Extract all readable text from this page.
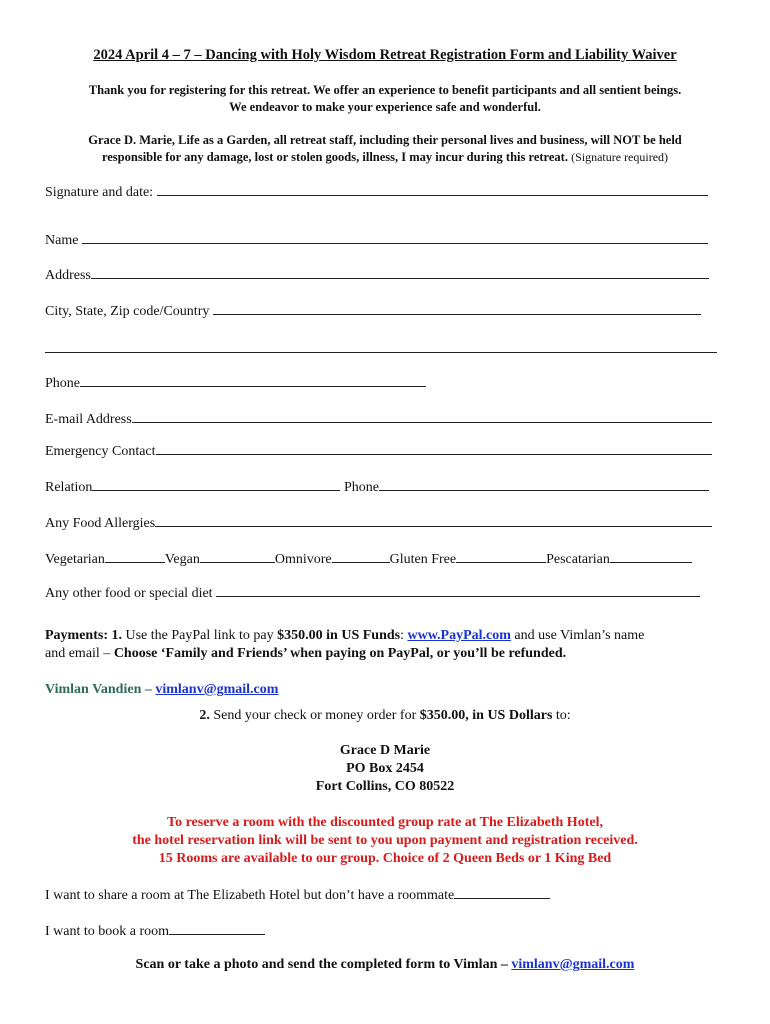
2024 April 4 – 7 – Dancing with Holy Wisdom Retreat Registration Form and Liability Waiver
Thank you for registering for this retreat. We offer an experience to benefit participants and all sentient beings.
We endeavor to make your experience safe and wonderful.
Grace D. Marie, Life as a Garden, all retreat staff, including their personal lives and business, will NOT be held
responsible for any damage, lost or stolen goods, illness, I may incur during this retreat. (Signature required)
Signature and date:
Name
Address
City, State, Zip code/Country
Phone
E-mail Address
Emergency Contact
Relation	Phone
Any Food Allergies
Vegetarian	Vegan	Omnivore	Gluten Free	Pescatarian
Any other food or special diet
Payments: 1. Use the PayPal link to pay $350.00 in US Funds: www.PayPal.com and use Vimlan’s name
and email – Choose ‘Family and Friends’ when paying on PayPal, or you’ll be refunded.
Vimlan Vandien – vimlanv@gmail.com
2. Send your check or money order for $350.00, in US Dollars to:
Grace D Marie
PO Box 2454
Fort Collins, CO 80522
To reserve a room with the discounted group rate at The Elizabeth Hotel,
the hotel reservation link will be sent to you upon payment and registration received.
15 Rooms are available to our group. Choice of 2 Queen Beds or 1 King Bed
I want to share a room at The Elizabeth Hotel but don’t have a roommate
I want to book a room
Scan or take a photo and send the completed form to Vimlan – vimlanv@gmail.com
